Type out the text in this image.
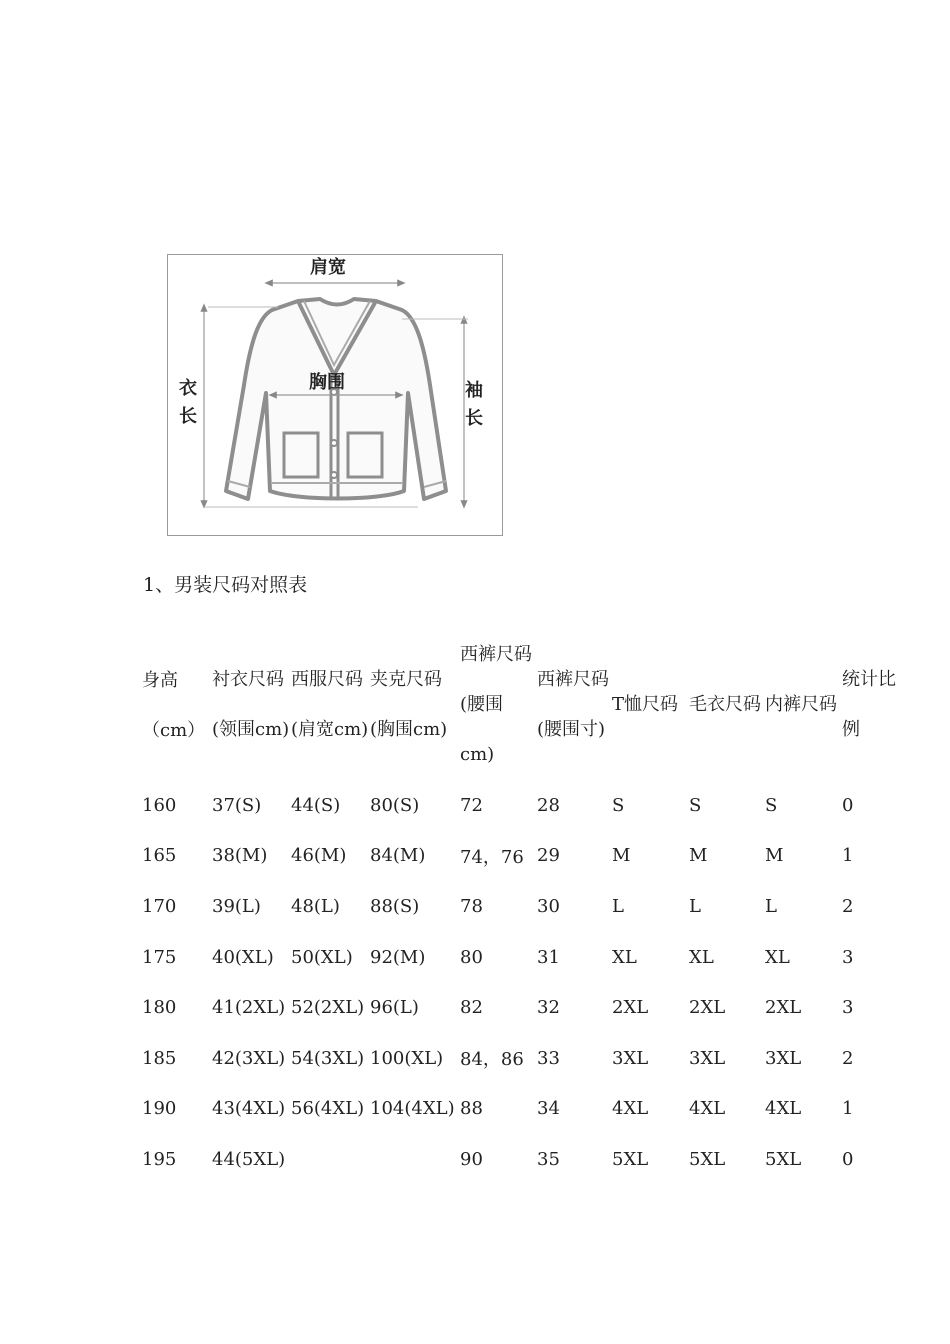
肩宽
胸围
衣
长
袖
长
1、男装尺码对照表
身高（cm）	衬衣尺码(领围cm)	西服尺码(肩宽cm)	夹克尺码(胸围cm)	西裤尺码(腰围cm)	西裤尺码(腰围寸)	T恤尺码	毛衣尺码	内裤尺码	统计比例
160	37(S)	44(S)	80(S)	72	28	S	S	S	0
165	38(M)	46(M)	84(M)	74，76	29	M	M	M	1
170	39(L)	48(L)	88(S)	78	30	L	L	L	2
175	40(XL)	50(XL)	92(M)	80	31	XL	XL	XL	3
180	41(2XL)	52(2XL)	96(L)	82	32	2XL	2XL	2XL	3
185	42(3XL)	54(3XL)	100(XL)	84，86	33	3XL	3XL	3XL	2
190	43(4XL)	56(4XL)	104(4XL)	88	34	4XL	4XL	4XL	1
195	44(5XL)			90	35	5XL	5XL	5XL	0
